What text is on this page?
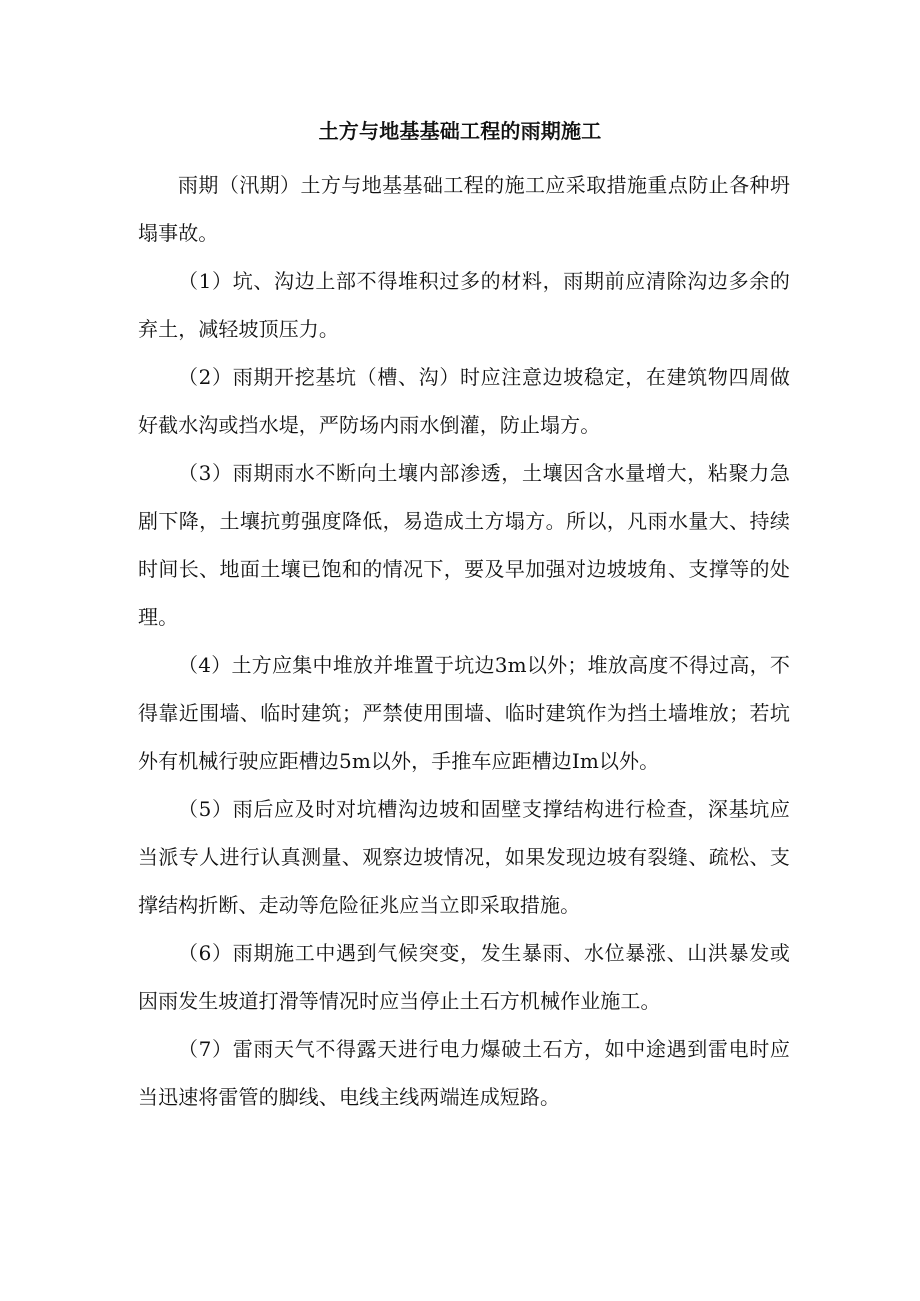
土方与地基基础工程的雨期施工

雨期（汛期）土方与地基基础工程的施工应采取措施重点防止各种坍塌事故。

（1）坑、沟边上部不得堆积过多的材料，雨期前应清除沟边多余的弃土，减轻坡顶压力。

（2）雨期开挖基坑（槽、沟）时应注意边坡稳定，在建筑物四周做好截水沟或挡水堤，严防场内雨水倒灌，防止塌方。

（3）雨期雨水不断向土壤内部渗透，土壤因含水量增大，粘聚力急剧下降，土壤抗剪强度降低，易造成土方塌方。所以，凡雨水量大、持续时间长、地面土壤已饱和的情况下，要及早加强对边坡坡角、支撑等的处理。

（4）土方应集中堆放并堆置于坑边3m以外；堆放高度不得过高，不得靠近围墙、临时建筑；严禁使用围墙、临时建筑作为挡土墙堆放；若坑外有机械行驶应距槽边5m以外，手推车应距槽边Im以外。

（5）雨后应及时对坑槽沟边坡和固壁支撑结构进行检查，深基坑应当派专人进行认真测量、观察边坡情况，如果发现边坡有裂缝、疏松、支撑结构折断、走动等危险征兆应当立即采取措施。

（6）雨期施工中遇到气候突变，发生暴雨、水位暴涨、山洪暴发或因雨发生坡道打滑等情况时应当停止土石方机械作业施工。

（7）雷雨天气不得露天进行电力爆破土石方，如中途遇到雷电时应当迅速将雷管的脚线、电线主线两端连成短路。
